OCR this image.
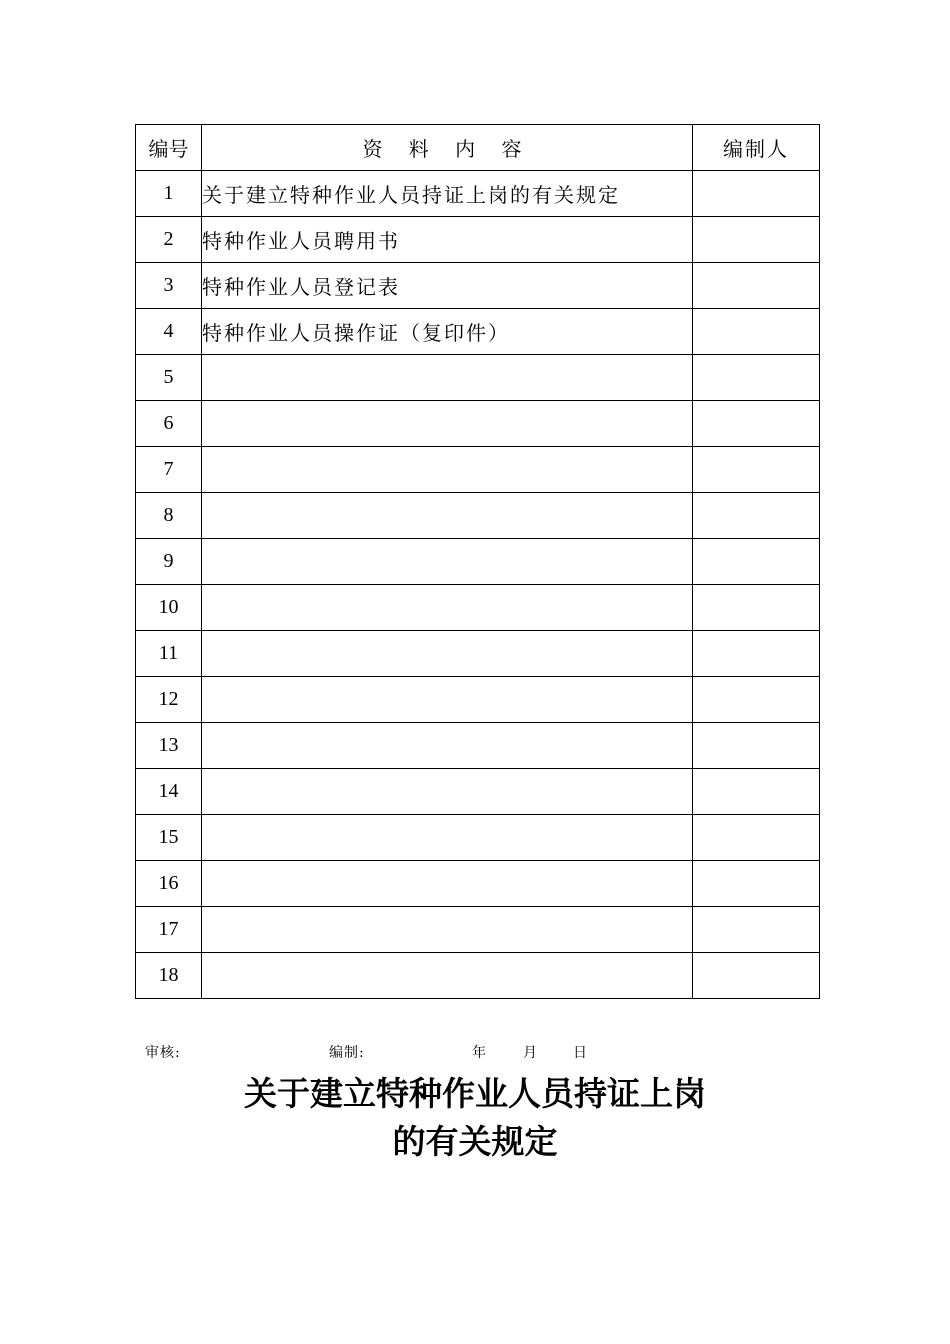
编号	资 料 内 容	编制人
1	关于建立特种作业人员持证上岗的有关规定	
2	特种作业人员聘用书	
3	特种作业人员登记表	
4	特种作业人员操作证（复印件）	
5		
6		
7		
8		
9		
10		
11		
12		
13		
14		
15		
16		
17		
18		
审核:	编制:	年	月	日
关于建立特种作业人员持证上岗
的有关规定
